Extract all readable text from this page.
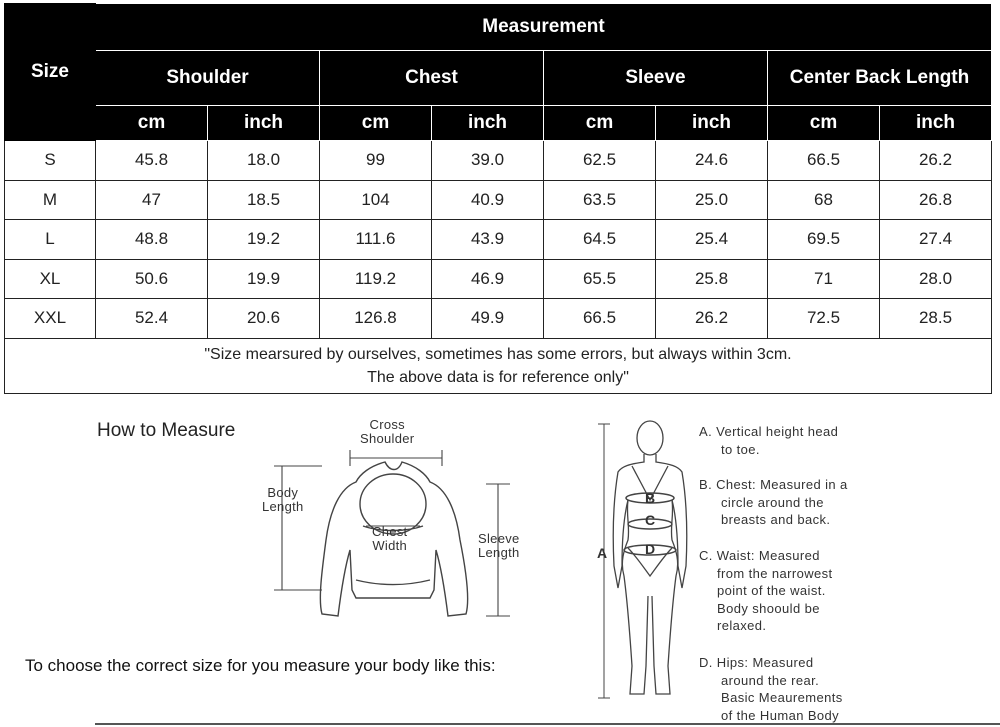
Size	Measurement							
	Shoulder		Chest		Sleeve		Center Back Length	
	cm	inch	cm	inch	cm	inch	cm	inch
S	45.8	18.0	99	39.0	62.5	24.6	66.5	26.2
M	47	18.5	104	40.9	63.5	25.0	68	26.8
L	48.8	19.2	111.6	43.9	64.5	25.4	69.5	27.4
XL	50.6	19.9	119.2	46.9	65.5	25.8	71	28.0
XXL	52.4	20.6	126.8	49.9	66.5	26.2	72.5	28.5

"Size mearsured by ourselves, sometimes has some errors, but always within 3cm.
The above data is for reference only"								
How to Measure	Cross
Shoulder
Body
Length
Chest
Width	Sleeve
Length	A
B
C
D
A. Vertical height head
to toe.
B. Chest: Measured in a
circle around the
breasts and back.
C. Waist: Measured
from the narrowest
point of the waist.
Body shoould be
relaxed.
D. Hips: Measured
around the rear.
Basic Meaurements
of the Human Body
To choose the correct size for you measure your body like this:
